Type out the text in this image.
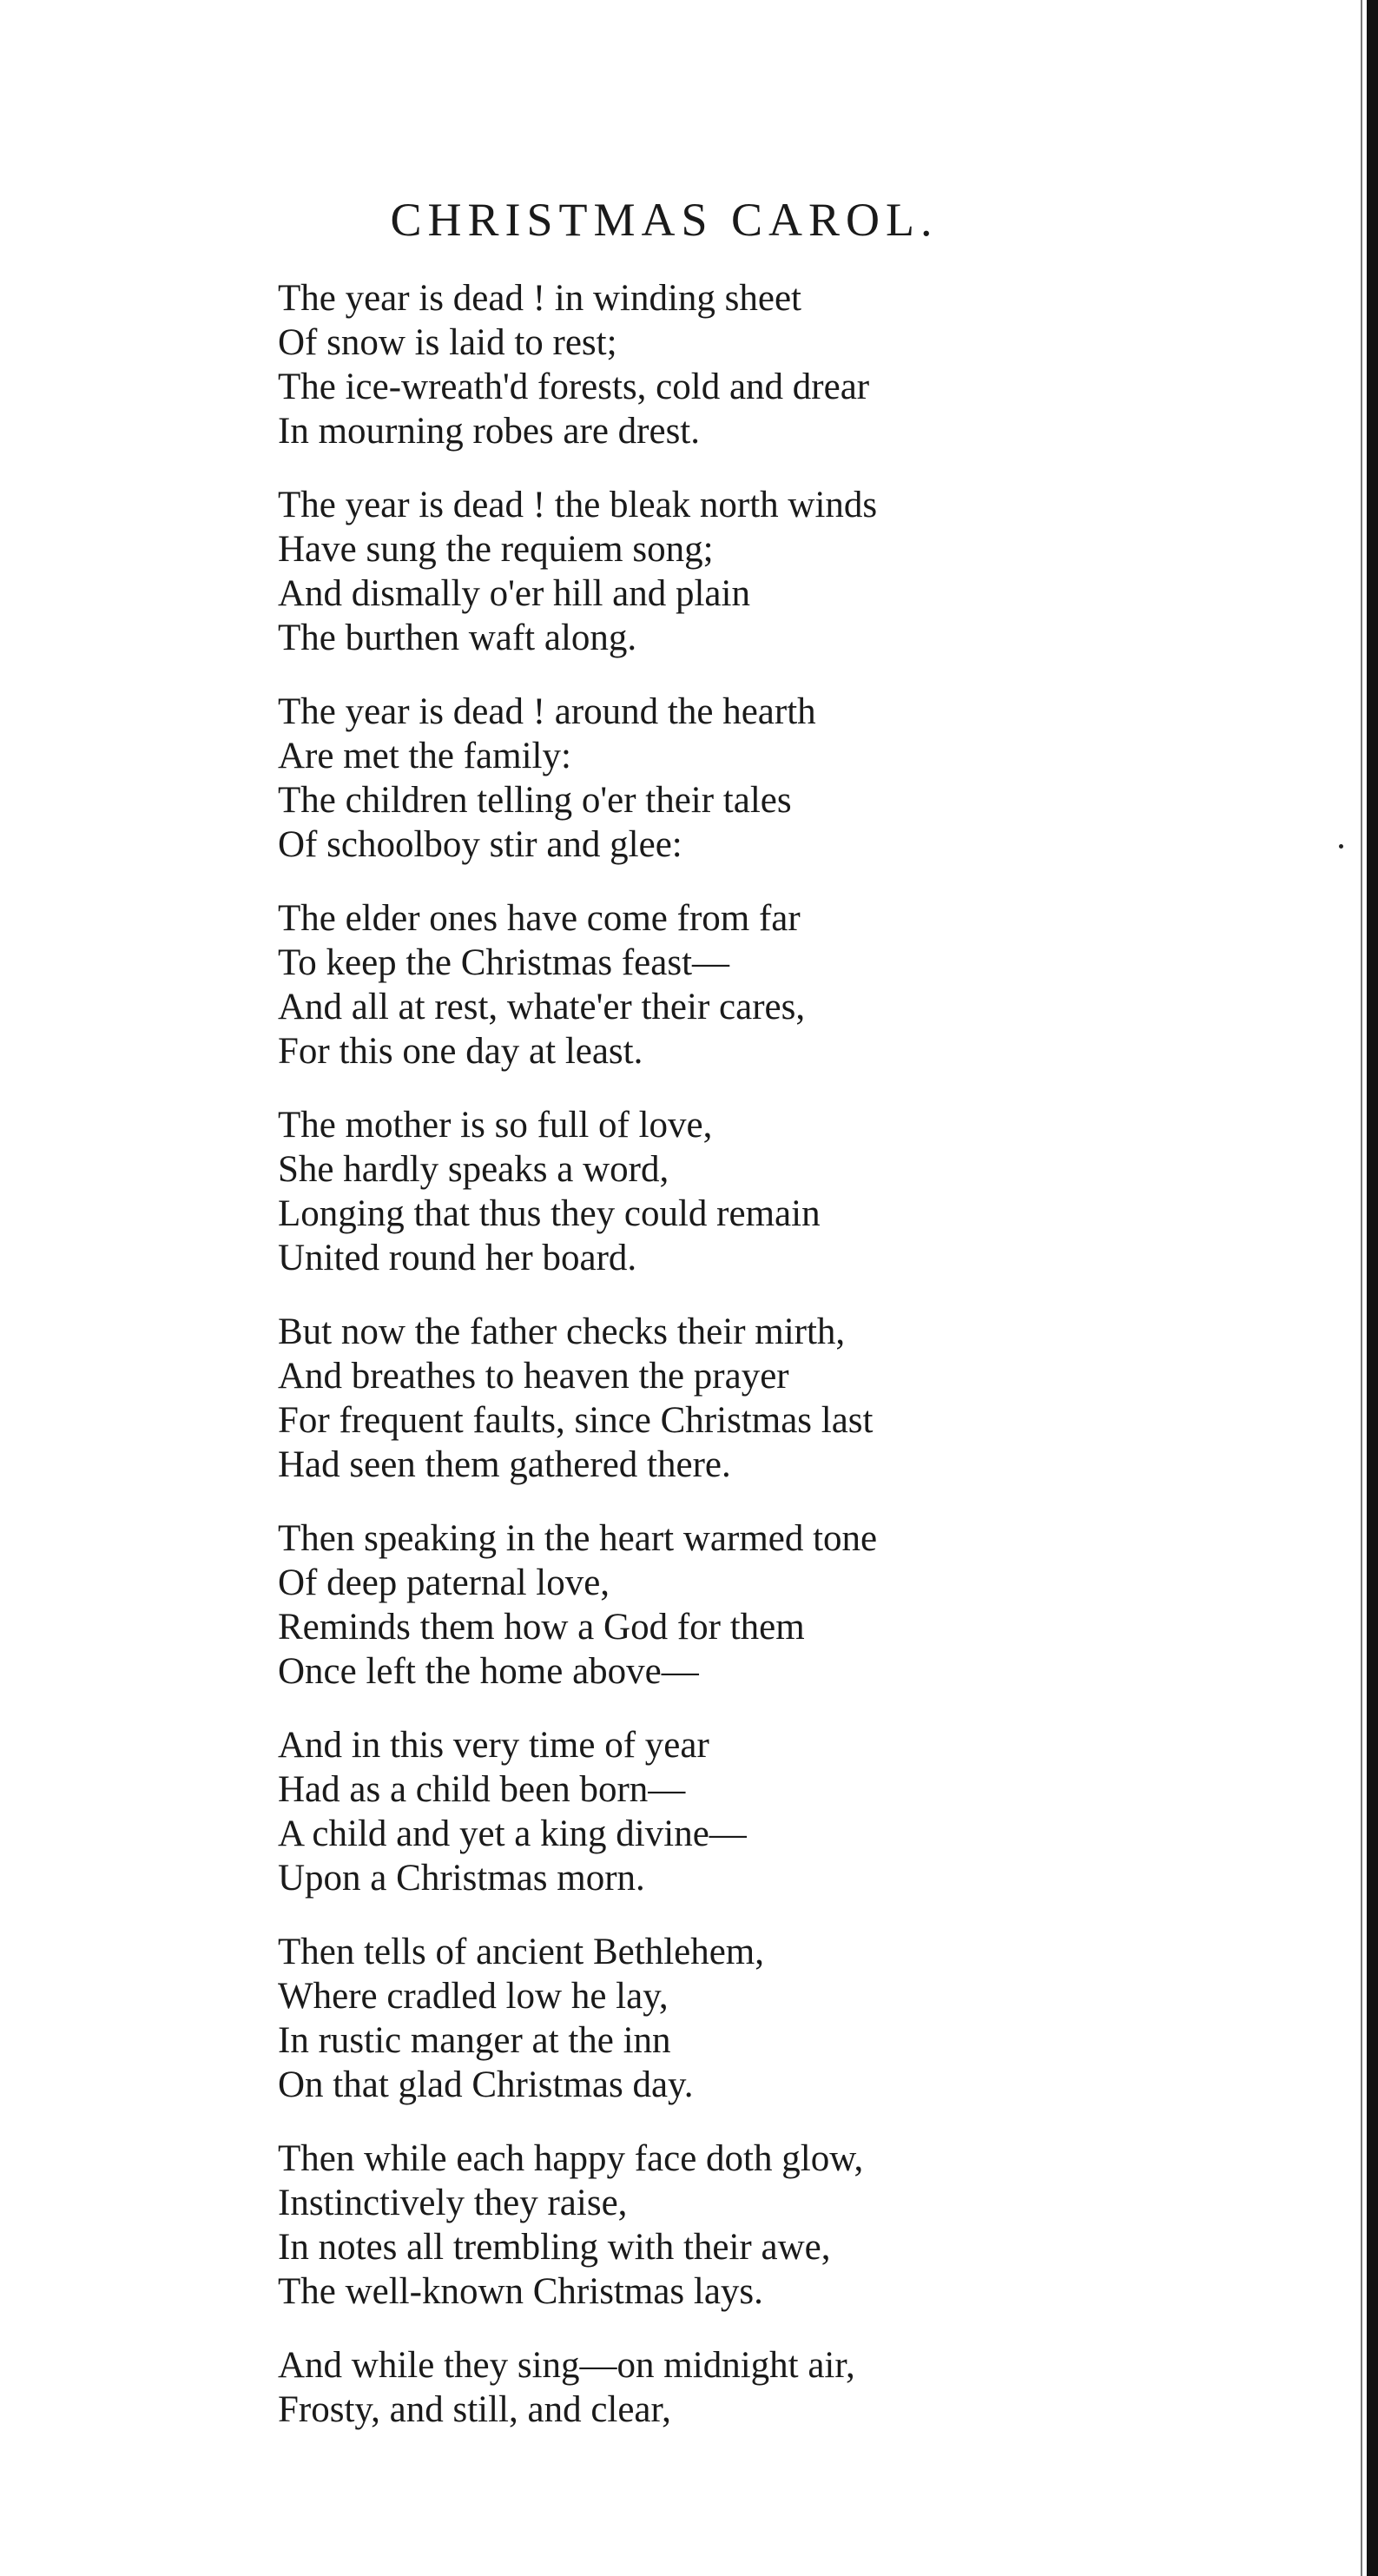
CHRISTMAS CAROL.
The year is dead ! in winding sheet
Of snow is laid to rest;
The ice-wreath'd forests, cold and drear
In mourning robes are drest.
The year is dead ! the bleak north winds
Have sung the requiem song;
And dismally o'er hill and plain
The burthen waft along.
The year is dead ! around the hearth
Are met the family:
The children telling o'er their tales
Of schoolboy stir and glee:
The elder ones have come from far
To keep the Christmas feast—
And all at rest, whate'er their cares,
For this one day at least.
The mother is so full of love,
She hardly speaks a word,
Longing that thus they could remain
United round her board.
But now the father checks their mirth,
And breathes to heaven the prayer
For frequent faults, since Christmas last
Had seen them gathered there.
Then speaking in the heart warmed tone
Of deep paternal love,
Reminds them how a God for them
Once left the home above—
And in this very time of year
Had as a child been born—
A child and yet a king divine—
Upon a Christmas morn.
Then tells of ancient Bethlehem,
Where cradled low he lay,
In rustic manger at the inn
On that glad Christmas day.
Then while each happy face doth glow,
Instinctively they raise,
In notes all trembling with their awe,
The well-known Christmas lays.
And while they sing—on midnight air,
Frosty, and still, and clear,
